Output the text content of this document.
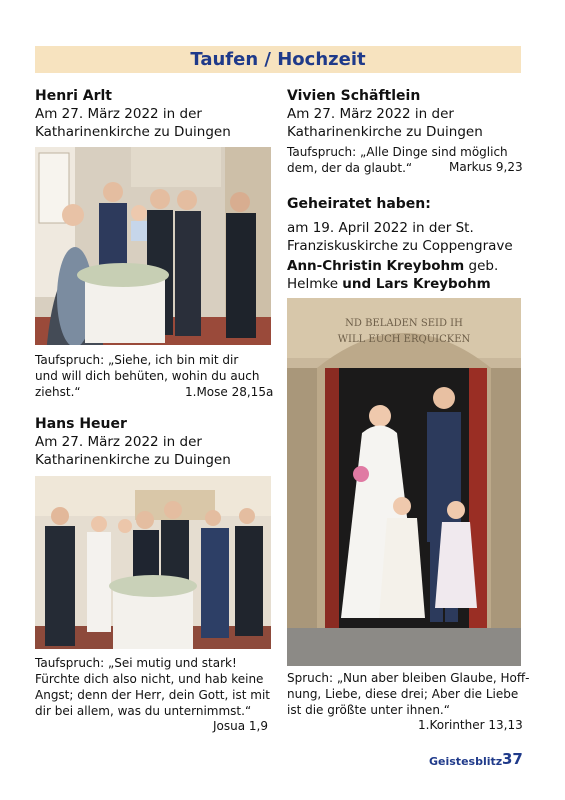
Taufen / Hochzeit
Henri Arlt
Am 27. März 2022 in der
Katharinenkirche zu Duingen
Taufspruch: „Siehe, ich bin mit dir
und will dich behüten, wohin du auch
ziehst.“	1.Mose 28,15a
Hans Heuer
Am 27. März 2022 in der
Katharinenkirche zu Duingen
Taufspruch: „Sei mutig und stark!
Fürchte dich also nicht, und hab keine
Angst; denn der Herr, dein Gott, ist mit
dir bei allem, was du unternimmst.“
Josua 1,9
Vivien Schäftlein
Am 27. März 2022 in der
Katharinenkirche zu Duingen
Taufspruch: „Alle Dinge sind möglich
dem, der da glaubt.“	Markus 9,23
Geheiratet haben:
am 19. April 2022 in der St.
Franziskuskirche zu Coppengrave
Ann-Christin Kreybohm geb.
Helmke und Lars Kreybohm
ND BELADEN SEID IH
WILL EUCH ERQUICKEN
Spruch: „Nun aber bleiben Glaube, Hoff-
nung, Liebe, diese drei; Aber die Liebe
ist die größte unter ihnen.“
1.Korinther 13,13
Geistesblitz 37
